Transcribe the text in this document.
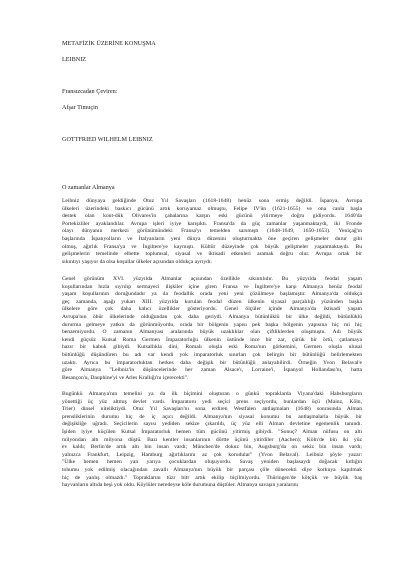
METAFİZİK ÜZERİNE KONUŞMA
LEIBNIZ
Fransızcadan Çeviren:
Afşar Timuçin
GOTTFRIED WILHELM LEIBNIZ
O zamanlar Almanya
Leibniz dünyaya geldiğinde Otuz Yıl Savaşları (1618-1648) henüz sona ermiş değildi. İspanya, Avrupa
ülkeleri üzerindeki baskıcı gücünü artık koruyamaz olmuştu, Felipe IV'ün (1621-1655) ve ona canla başla
destek olan kont-dük Olivares'in çabalarına karşın eski gücünü yitirmeye doğru gidiyordu. 1640'da
Portekizliler ayaklandılar. Avrupa işleri iyiye karışıktı. Fransa'da da güç zamanlar yaşanmaktaydı, iki Fronde
olayı dünyanın merkezi görünümündeki Fransa'yı temelden sarsmıştı (1648-1649, 1650-1653). Yeniçağ'ın
başlarında İspanyolların ve İtalyanların yeni dünya düzenini oluşturmakta öne geçiren gelişmeler durur gibi
olmuş, ağırlık Fransa'ya ve İngiltere'ye kaymıştı. Kültür düzeyinde çok büyük gelişmeler yaşanmaktaydı. Bu
gelişmelerin temelinde elbette toplumsal, siyasal ve iktisadi etkenleri aramak doğru olur. Avrupa ortak bir
sıkıntıyı yaşıyor da olsa koşullar ülkeler açısından oldukça ayrıydı.
Genel görünüm XVI. yüzyılda Almanlar açısından özellikle sıkıntılıdır. Bu yüzyılda feodal yaşam
koşullarından hızla sıyrılıp sermayeci ilişkiler içine giren Fransa ve İngiltere'ye karşı Almanya henüz feodal
yaşam koşullarının doruğundadır ya da feodallik orada yeni yeni çözülmeye başlamıştır. Almanya'da oldukça
geç zamanda, aşağı yukarı XIII. yüzyılda kurulan feodal düzen ülkenin siyasal parçalılığı yüzünden başka
ülkelere göre çok daha kalıcı özellikler gösteriyordu. Genel ölçüler içinde Almanya'da iktisadi yaşam
Avrupa'nın öbür ülkelerinde olduğundan çok daha geriydi. Almanya bütünlüklü bir ülke değildi, bütünlüklü
dururma gelmeye yatkın da görünmüyordu, orada bir bölgenin yapısı pek başka bölgenin yapısına hiç mi hiç
benzemiyordu. O zamanın Almanyası aralarında büyük uzaklıklar olan çiftliklerden oluşmuştu. Adı büyük
kendi güçsüz Kutsal Roma Germen İmparatorluğu ülkenin üstünde ince bir zar, çürük bir örtü, çatlamaya
hazır bir kabuk gibiydi. Kutsallıkla dini, Romalı oluşla eski Roma'nın görkemini, Germen oluşla ulusal
bütünlüğü düşündüren bu adı var kendi yok imparatorluk sınırları çok belirgin bir bütünlüğü belirlemekten
uzaktı. Ayrıca bu imparatorluktan herkes daha değişik bir bütünlüğü anlayabilirdi. Örneğin Yvon Belaval'e
göre Almanya "Leibniz'in düşüncelerinde her zaman Alsace'ı, Lorraine'i, İspanyol Hollandası'nı, hatta
Besançon'u, Dauphine'yi ve Arles Krallığı'nı içerecekti".
Bugünkü Almanya'nın temelini ya da ilk biçimini oluşturan o günkü topraklarda Viyana'daki Habsburgların
yönettiği üç yüz altmış devlet vardı. İmparatoru yedi seçici prens seçiyordu, bunlardan üçü (Mainz, Köln,
Trier) dinsel niteliktiydi. Otuz Yıl Savaşları'nı sona erdiren Westfalen antlaşmaları (1648) sonrasında Alman
prensliklerinin durumu hiç de iç açıcı değildi. Almanya'nın siyasal konumu bu antlaşmalarla büyük bir
değişikliğe uğradı. Seçicilerin sayısı yediden sekize çıkarıldı, üç yüz elli Alman devletine egemenlik tanındı.
İşiden iyiye küçülen Kutsal İmparatorluk hemen tüm gücünü yitirmiş gibiydi. "Sonuç? Alman nüfusu on altı
milyondan altı milyona düştü. Bazı kentler insanlarının dörtte üçünü yitirdiler (Aachen); Köln'de bin iki yüz
ev kaldı; Berlin'de artık altı bin insan vardı; München'de dokuz bin, Augsburg'da on sekiz bin insan vardı;
yalnızca Frankfurt, Leipzig, Hamburg ağırlıklarını az çok korudular" (Yvon Belaval). Leibniz şöyle yazar:
"Ülke hemen hemen yan yarıya çocuklardan oluşuyordu. Savaş yeniden başlasaydı doğacak kıtlığın
tohumu yok edilmiş olacağından zavallı Almanya'nın büyük bir parçası çöle dönecekti diye korkuya kapılmak
hiç de yanlış olmazdı." Topraklarını tüzr bitr artık ekilip biçilmiyordu. Thüringen'de kötçük ve büyük baş
hayvanların altıda beşi yok oldu. Köylüler neredeyse köle durumuna düştüler. Almanya savaşın yaralarını
